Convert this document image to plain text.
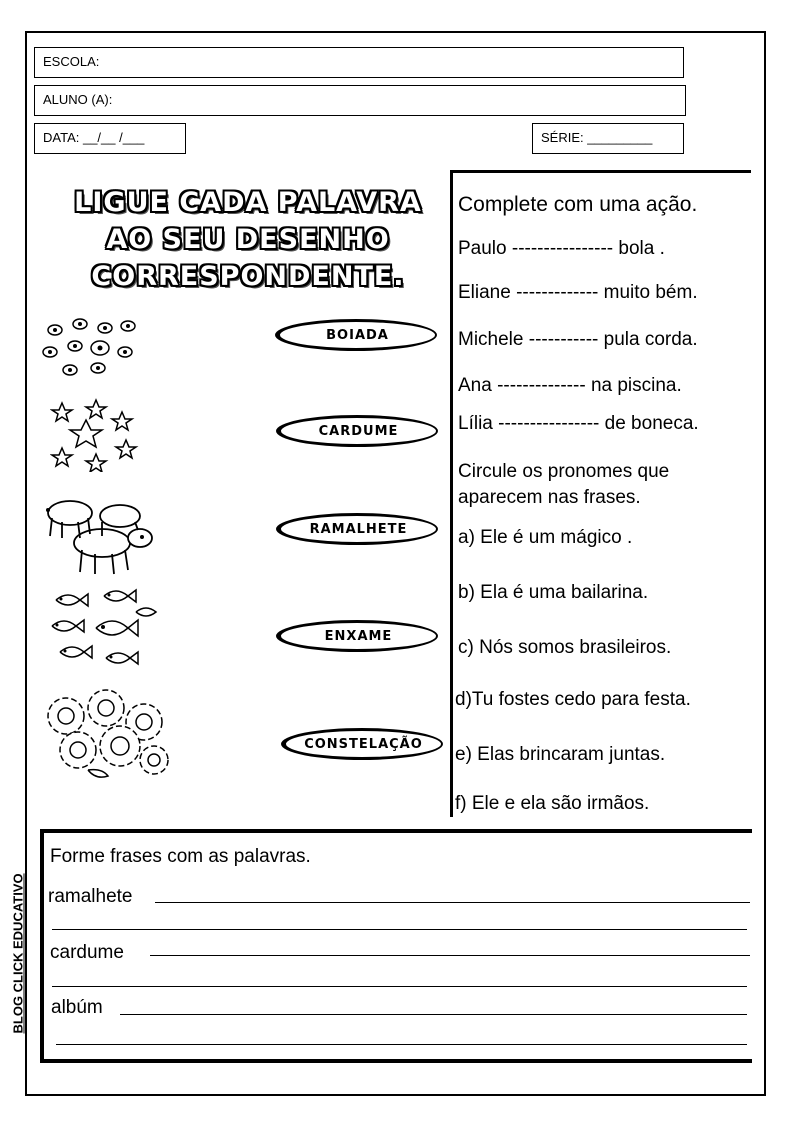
ESCOLA:
ALUNO (A):
DATA: __/__ /___	SÉRIE: _________
LIGUE CADA PALAVRA
AO SEU DESENHO
CORRESPONDENTE.
BOIADA
CARDUME
RAMALHETE
ENXAME
CONSTELAÇÃO
Complete com uma ação.
Paulo ---------------- bola .
Eliane ------------- muito bém.
Michele ----------- pula corda.
Ana -------------- na piscina.
Lília ---------------- de boneca.
Circule os pronomes que
aparecem nas frases.
a) Ele é um mágico .
b) Ela é uma bailarina.
c) Nós somos brasileiros.
d)Tu fostes cedo para festa.
e) Elas brincaram juntas.
f) Ele e ela são irmãos.
Forme frases com as palavras.
ramalhete
cardume
albúm
BLOG CLICK EDUCATIVO
